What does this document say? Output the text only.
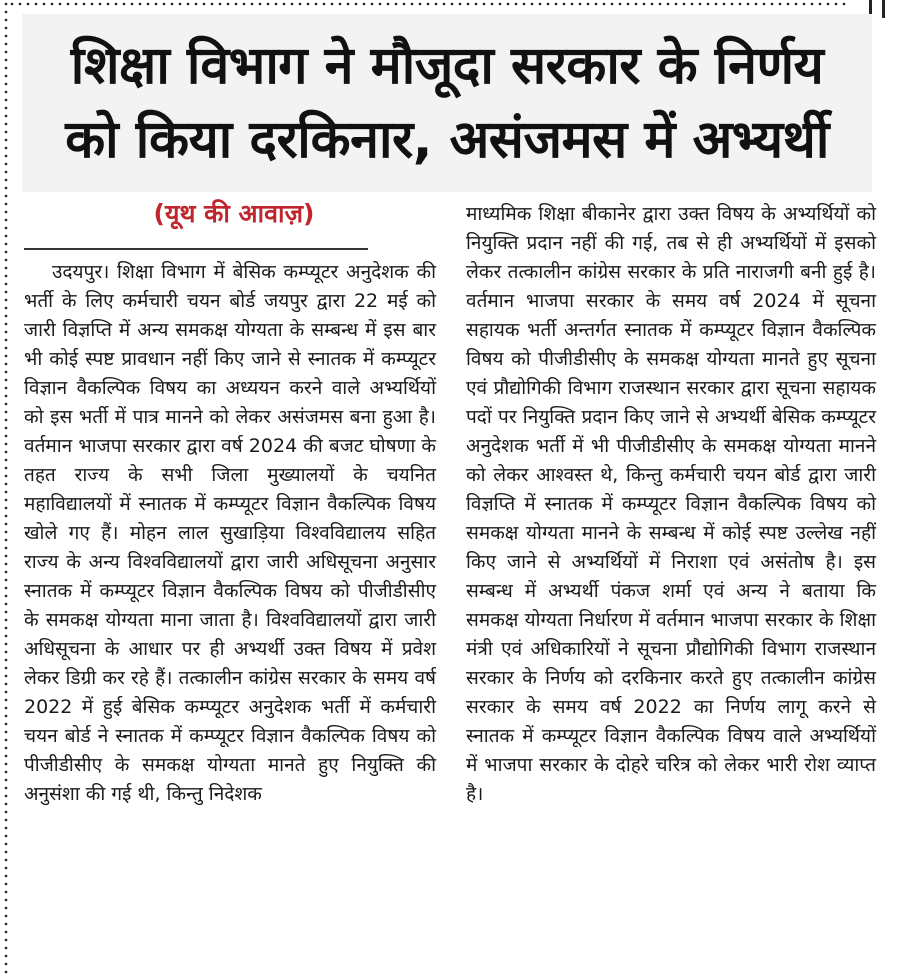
शिक्षा विभाग ने मौजूदा सरकार के निर्णय
को किया दरकिनार, असंजमस में अभ्यर्थी
(यूथ की आवाज़)
उदयपुर। शिक्षा विभाग में बेसिक कम्प्यूटर अनुदेशक की भर्ती के लिए कर्मचारी चयन बोर्ड जयपुर द्वारा 22 मई को जारी विज्ञप्ति में अन्य समकक्ष योग्यता के सम्बन्ध में इस बार भी कोई स्पष्ट प्रावधान नहीं किए जाने से स्नातक में कम्प्यूटर विज्ञान वैकल्पिक विषय का अध्ययन करने वाले अभ्यर्थियों को इस भर्ती में पात्र मानने को लेकर असंजमस बना हुआ है। वर्तमान भाजपा सरकार द्वारा वर्ष 2024 की बजट घोषणा के तहत राज्य के सभी जिला मुख्यालयों के चयनित महाविद्यालयों में स्नातक में कम्प्यूटर विज्ञान वैकल्पिक विषय खोले गए हैं। मोहन लाल सुखाड़िया विश्वविद्यालय सहित राज्य के अन्य विश्वविद्यालयों द्वारा जारी अधिसूचना अनुसार स्नातक में कम्प्यूटर विज्ञान वैकल्पिक विषय को पीजीडीसीए के समकक्ष योग्यता माना जाता है। विश्वविद्यालयों द्वारा जारी अधिसूचना के आधार पर ही अभ्यर्थी उक्त विषय में प्रवेश लेकर डिग्री कर रहे हैं। तत्कालीन कांग्रेस सरकार के समय वर्ष 2022 में हुई बेसिक कम्प्यूटर अनुदेशक भर्ती में कर्मचारी चयन बोर्ड ने स्नातक में कम्प्यूटर विज्ञान वैकल्पिक विषय को पीजीडीसीए के समकक्ष योग्यता मानते हुए नियुक्ति की अनुसंशा की गई थी, किन्तु निदेशक
माध्यमिक शिक्षा बीकानेर द्वारा उक्त विषय के अभ्यर्थियों को नियुक्ति प्रदान नहीं की गई, तब से ही अभ्यर्थियों में इसको लेकर तत्कालीन कांग्रेस सरकार के प्रति नाराजगी बनी हुई है। वर्तमान भाजपा सरकार के समय वर्ष 2024 में सूचना सहायक भर्ती अन्तर्गत स्नातक में कम्प्यूटर विज्ञान वैकल्पिक विषय को पीजीडीसीए के समकक्ष योग्यता मानते हुए सूचना एवं प्रौद्योगिकी विभाग राजस्थान सरकार द्वारा सूचना सहायक पदों पर नियुक्ति प्रदान किए जाने से अभ्यर्थी बेसिक कम्प्यूटर अनुदेशक भर्ती में भी पीजीडीसीए के समकक्ष योग्यता मानने को लेकर आश्वस्त थे, किन्तु कर्मचारी चयन बोर्ड द्वारा जारी विज्ञप्ति में स्नातक में कम्प्यूटर विज्ञान वैकल्पिक विषय को समकक्ष योग्यता मानने के सम्बन्ध में कोई स्पष्ट उल्लेख नहीं किए जाने से अभ्यर्थियों में निराशा एवं असंतोष है। इस सम्बन्ध में अभ्यर्थी पंकज शर्मा एवं अन्य ने बताया कि समकक्ष योग्यता निर्धारण में वर्तमान भाजपा सरकार के शिक्षा मंत्री एवं अधिकारियों ने सूचना प्रौद्योगिकी विभाग राजस्थान सरकार के निर्णय को दरकिनार करते हुए तत्कालीन कांग्रेस सरकार के समय वर्ष 2022 का निर्णय लागू करने से स्नातक में कम्प्यूटर विज्ञान वैकल्पिक विषय वाले अभ्यर्थियों में भाजपा सरकार के दोहरे चरित्र को लेकर भारी रोश व्याप्त है।
